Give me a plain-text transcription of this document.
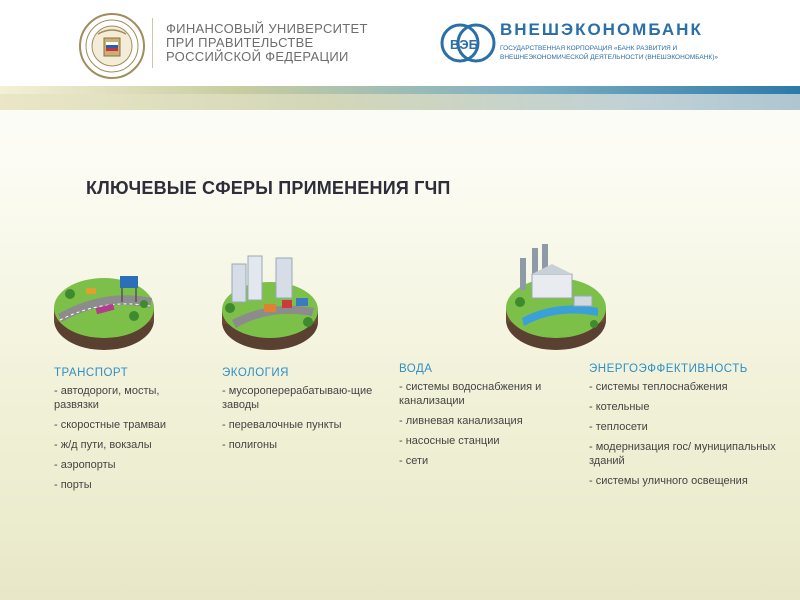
ФИНАНСОВЫЙ УНИВЕРСИТЕТ
ПРИ ПРАВИТЕЛЬСТВЕ
РОССИЙСКОЙ ФЕДЕРАЦИИ
ВЭБ
ВНЕШЭКОНОМБАНК
ГОСУДАРСТВЕННАЯ КОРПОРАЦИЯ «БАНК РАЗВИТИЯ И
ВНЕШНЕЭКОНОМИЧЕСКОЙ ДЕЯТЕЛЬНОСТИ (ВНЕШЭКОНОМБАНК)»
КЛЮЧЕВЫЕ СФЕРЫ ПРИМЕНЕНИЯ ГЧП
ТРАНСПОРТ
- автодороги, мосты, развязки
- скоростные трамваи
- ж/д пути, вокзалы
- аэропорты
- порты
ЭКОЛОГИЯ
- мусороперерабатываю-щие заводы
- перевалочные пункты
- полигоны
ВОДА
- системы водоснабжения и канализации
- ливневая канализация
- насосные станции
- сети
ЭНЕРГОЭФФЕКТИВНОСТЬ
- системы теплоснабжения
- котельные
- теплосети
- модернизация гос/ муниципальных зданий
- системы уличного освещения
